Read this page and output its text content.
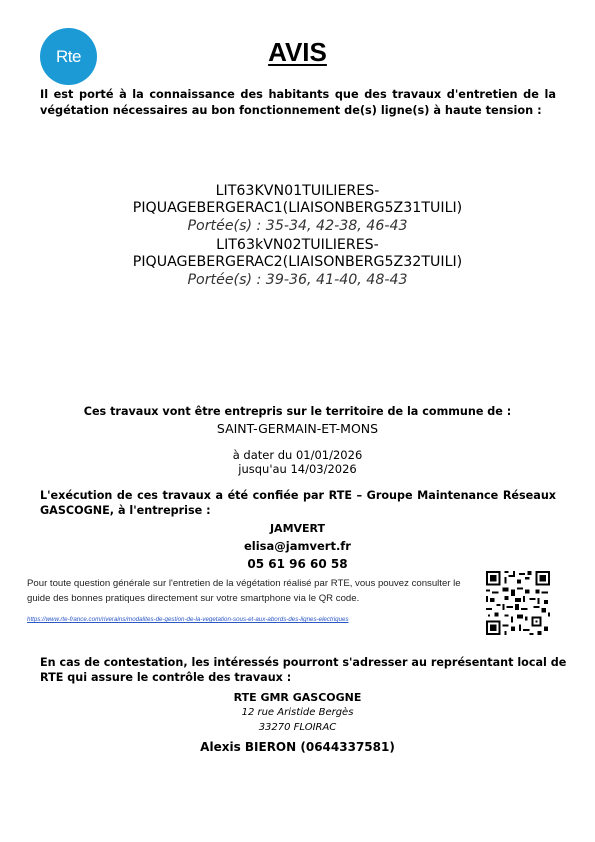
Rte	AVIS
Il est porté à la connaissance des habitants que des travaux d'entretien de la végétation nécessaires au bon fonctionnement de(s) ligne(s) à haute tension :
LIT63KVN01TUILIERES-
PIQUAGEBERGERAC1(LIAISONBERG5Z31TUILI)
Portée(s) : 35-34, 42-38, 46-43
LIT63kVN02TUILIERES-
PIQUAGEBERGERAC2(LIAISONBERG5Z32TUILI)
Portée(s) : 39-36, 41-40, 48-43
Ces travaux vont être entrepris sur le territoire de la commune de :
SAINT-GERMAIN-ET-MONS
à dater du 01/01/2026
jusqu'au 14/03/2026
L'exécution de ces travaux a été confiée par RTE – Groupe Maintenance Réseaux GASCOGNE, à l'entreprise :
JAMVERT
elisa@jamvert.fr
05 61 96 60 58
Pour toute question générale sur l'entretien de la végétation réalisé par RTE, vous pouvez consulter le guide des bonnes pratiques directement sur votre smartphone via le QR code.
https://www.rte-france.com/riverains/modalites-de-gestion-de-la-vegetation-sous-et-aux-abords-des-lignes-electriques
En cas de contestation, les intéressés pourront s'adresser au représentant local de RTE qui assure le contrôle des travaux :
RTE GMR GASCOGNE
12 rue Aristide Bergès
33270 FLOIRAC
Alexis BIERON (0644337581)
